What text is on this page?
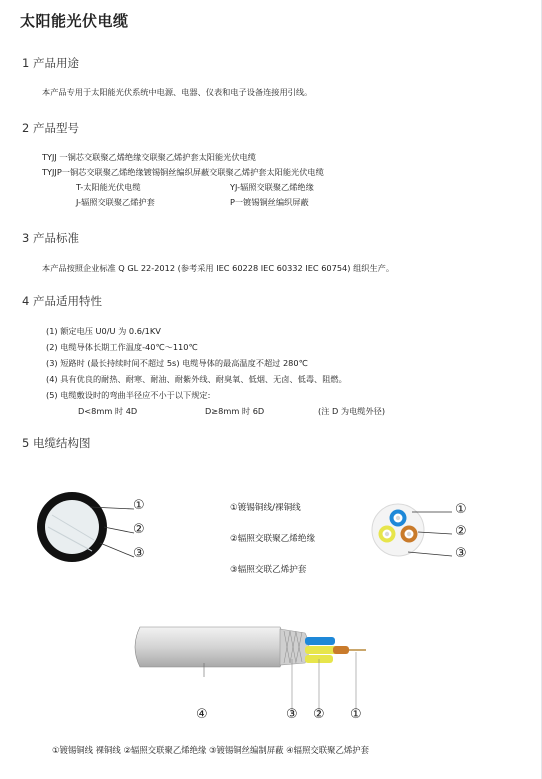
太阳能光伏电缆
1 产品用途
本产品专用于太阳能光伏系统中电源、电器、仪表和电子设备连接用引线。
2 产品型号
TYJJ 一铜芯交联聚乙烯绝缘交联聚乙烯护套太阳能光伏电缆
TYJJP一铜芯交联聚乙烯绝缘镀锡铜丝编织屏蔽交联聚乙烯护套太阳能光伏电缆
T-太阳能光伏电缆	YJ-辐照交联聚乙烯绝缘
J-辐照交联聚乙烯护套	P一镀锡铜丝编织屏蔽
3 产品标准
本产品按照企业标准 Q GL 22-2012 (参考采用 IEC 60228 IEC 60332 IEC 60754) 组织生产。
4 产品适用特性
(1) 额定电压 U0/U 为 0.6/1KV
(2) 电缆导体长期工作温度-40℃～110℃
(3) 短路时 (最长持续时间不超过 5s) 电缆导体的最高温度不超过 280℃
(4) 具有优良的耐热、耐寒、耐油、耐紫外线、耐臭氧、低烟、无卤、低毒、阻燃。
(5) 电缆敷设时的弯曲半径应不小于以下规定:
D<8mm 时 4D	D≥8mm 时 6D	(注 D 为电缆外径)
5 电缆结构图
①
②
③
①镀锡铜线/裸铜线
②辐照交联聚乙烯绝缘
③辐照交联乙烯护套
①
②
③
④	③ ② ①
①镀锡铜线 裸铜线 ②辐照交联聚乙烯绝缘 ③镀锡铜丝编制屏蔽 ④辐照交联聚乙烯护套
